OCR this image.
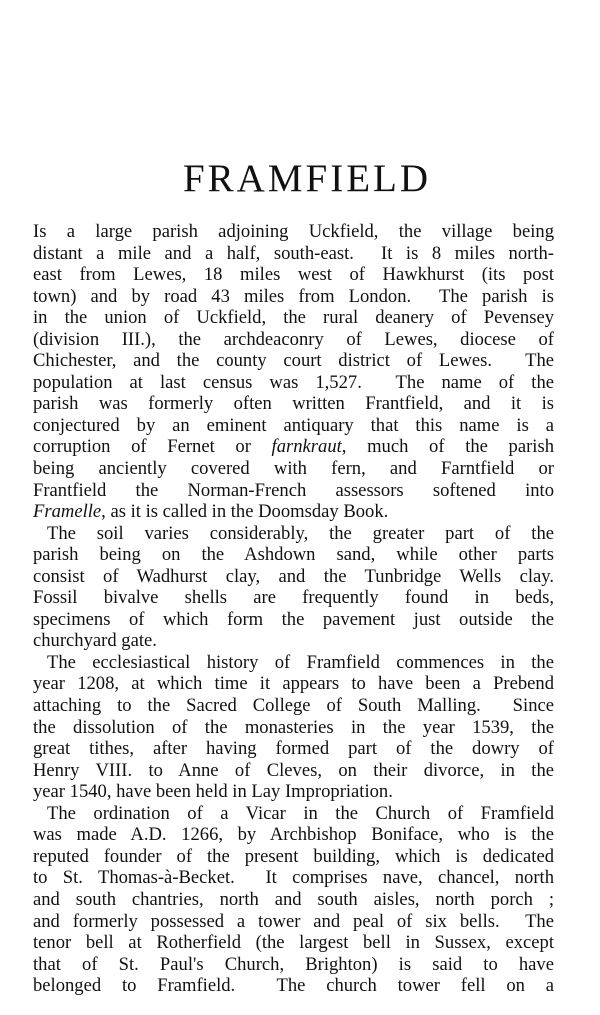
FRAMFIELD
Is a large parish adjoining Uckfield, the village being
distant a mile and a half, south-east.  It is 8 miles north-
east from Lewes, 18 miles west of Hawkhurst (its post
town) and by road 43 miles from London.  The parish is
in the union of Uckfield, the rural deanery of Pevensey
(division III.), the archdeaconry of Lewes, diocese of
Chichester, and the county court district of Lewes.  The
population at last census was 1,527.  The name of the
parish was formerly often written Frantfield, and it is
conjectured by an eminent antiquary that this name is a
corruption of Fernet or farnkraut, much of the parish
being anciently covered with fern, and Farntfield or
Frantfield the Norman-French assessors softened into
Framelle, as it is called in the Doomsday Book.
The soil varies considerably, the greater part of the
parish being on the Ashdown sand, while other parts
consist of Wadhurst clay, and the Tunbridge Wells clay.
Fossil bivalve shells are frequently found in beds,
specimens of which form the pavement just outside the
churchyard gate.
The ecclesiastical history of Framfield commences in the
year 1208, at which time it appears to have been a Prebend
attaching to the Sacred College of South Malling.  Since
the dissolution of the monasteries in the year 1539, the
great tithes, after having formed part of the dowry of
Henry VIII. to Anne of Cleves, on their divorce, in the
year 1540, have been held in Lay Impropriation.
The ordination of a Vicar in the Church of Framfield
was made A.D. 1266, by Archbishop Boniface, who is the
reputed founder of the present building, which is dedicated
to St. Thomas-à-Becket.  It comprises nave, chancel, north
and south chantries, north and south aisles, north porch ;
and formerly possessed a tower and peal of six bells.  The
tenor bell at Rotherfield (the largest bell in Sussex, except
that of St. Paul's Church, Brighton) is said to have
belonged to Framfield.  The church tower fell on a
